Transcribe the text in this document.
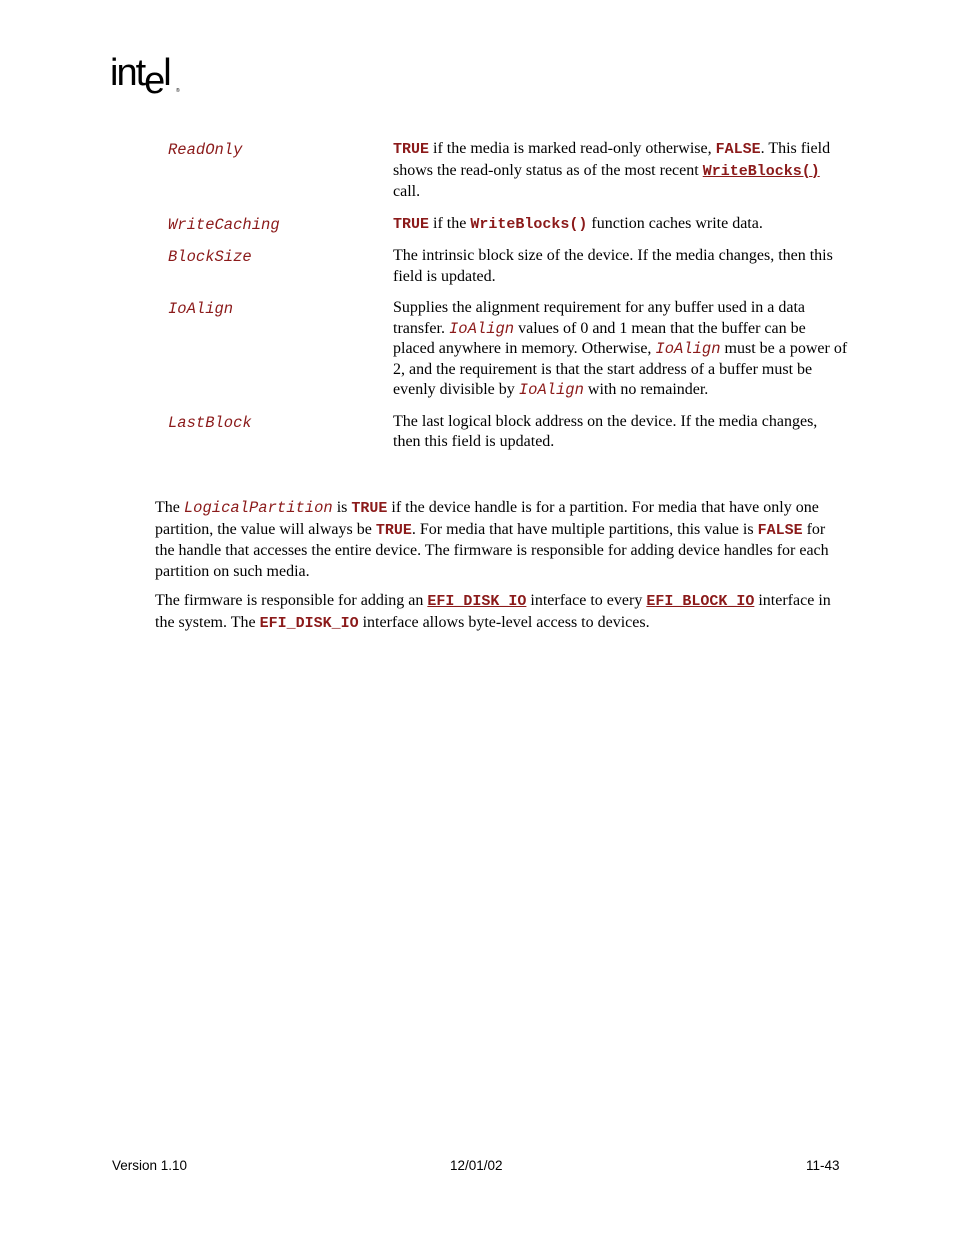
intel ®
ReadOnly	TRUE if the media is marked read-only otherwise, FALSE. This field shows the read-only status as of the most recent WriteBlocks() call.
WriteCaching	TRUE if the WriteBlocks() function caches write data.
BlockSize	The intrinsic block size of the device. If the media changes, then this field is updated.
IoAlign	Supplies the alignment requirement for any buffer used in a data transfer. IoAlign values of 0 and 1 mean that the buffer can be placed anywhere in memory. Otherwise, IoAlign must be a power of 2, and the requirement is that the start address of a buffer must be evenly divisible by IoAlign with no remainder.
LastBlock	The last logical block address on the device. If the media changes, then this field is updated.
The LogicalPartition is TRUE if the device handle is for a partition. For media that have only one partition, the value will always be TRUE. For media that have multiple partitions, this value is FALSE for the handle that accesses the entire device. The firmware is responsible for adding device handles for each partition on such media.
The firmware is responsible for adding an EFI_DISK_IO interface to every EFI_BLOCK_IO interface in the system. The EFI_DISK_IO interface allows byte-level access to devices.
Version 1.10	12/01/02	11-43
